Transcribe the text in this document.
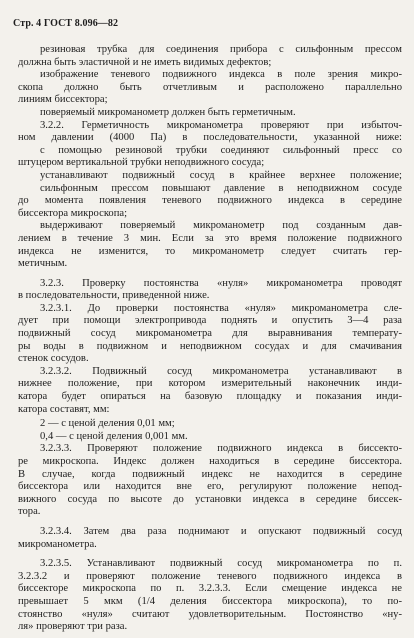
Стр. 4 ГОСТ 8.096—82
резиновая трубка для соединения прибора с сильфонным прессом
должна быть эластичной и не иметь видимых дефектов;
изображение теневого подвижного индекса в поле зрения микро-
скопа должно быть отчетливым и расположено параллельно
линиям биссектора;
поверяемый микроманометр должен быть герметичным.
3.2.2. Герметичность микроманометра проверяют при избыточ-
ном давлении (4000 Па) в последовательности, указанной ниже:
с помощью резиновой трубки соединяют сильфонный пресс со
штуцером вертикальной трубки неподвижного сосуда;
устанавливают подвижный сосуд в крайнее верхнее положение;
сильфонным прессом повышают давление в неподвижном сосуде
до момента появления теневого подвижного индекса в середине
биссектора микроскопа;
выдерживают поверяемый микроманометр под созданным дав-
лением в течение 3 мин. Если за это время положение подвижного
индекса не изменится, то микроманометр следует считать гер-
метичным.
3.2.3. Проверку постоянства «нуля» микроманометра проводят
в последовательности, приведенной ниже.
3.2.3.1. До проверки постоянства «нуля» микроманометра сле-
дует при помощи электропривода поднять и опустить 3—4 раза
подвижный сосуд микроманометра для выравнивания температу-
ры воды в подвижном и неподвижном сосудах и для смачивания
стенок сосудов.
3.2.3.2. Подвижный сосуд микроманометра устанавливают в
нижнее положение, при котором измерительный наконечник инди-
катора будет опираться на базовую площадку и показания инди-
катора составят, мм:
2 — с ценой деления 0,01 мм;
0,4 — с ценой деления 0,001 мм.
3.2.3.3. Проверяют положение подвижного индекса в биссекто-
ре микроскопа. Индекс должен находиться в середине биссектора.
В случае, когда подвижный индекс не находится в середине
биссектора или находится вне его, регулируют положение непод-
вижного сосуда по высоте до установки индекса в середине биссек-
тора.
3.2.3.4. Затем два раза поднимают и опускают подвижный сосуд
микроманометра.
3.2.3.5. Устанавливают подвижный сосуд микроманометра по п.
3.2.3.2 и проверяют положение теневого подвижного индекса в
биссекторе микроскопа по п. 3.2.3.3. Если смещение индекса не
превышает 5 мкм (1/4 деления биссектора микроскопа), то по-
стоянство «нуля» считают удовлетворительным. Постоянство «ну-
ля» проверяют три раза.
